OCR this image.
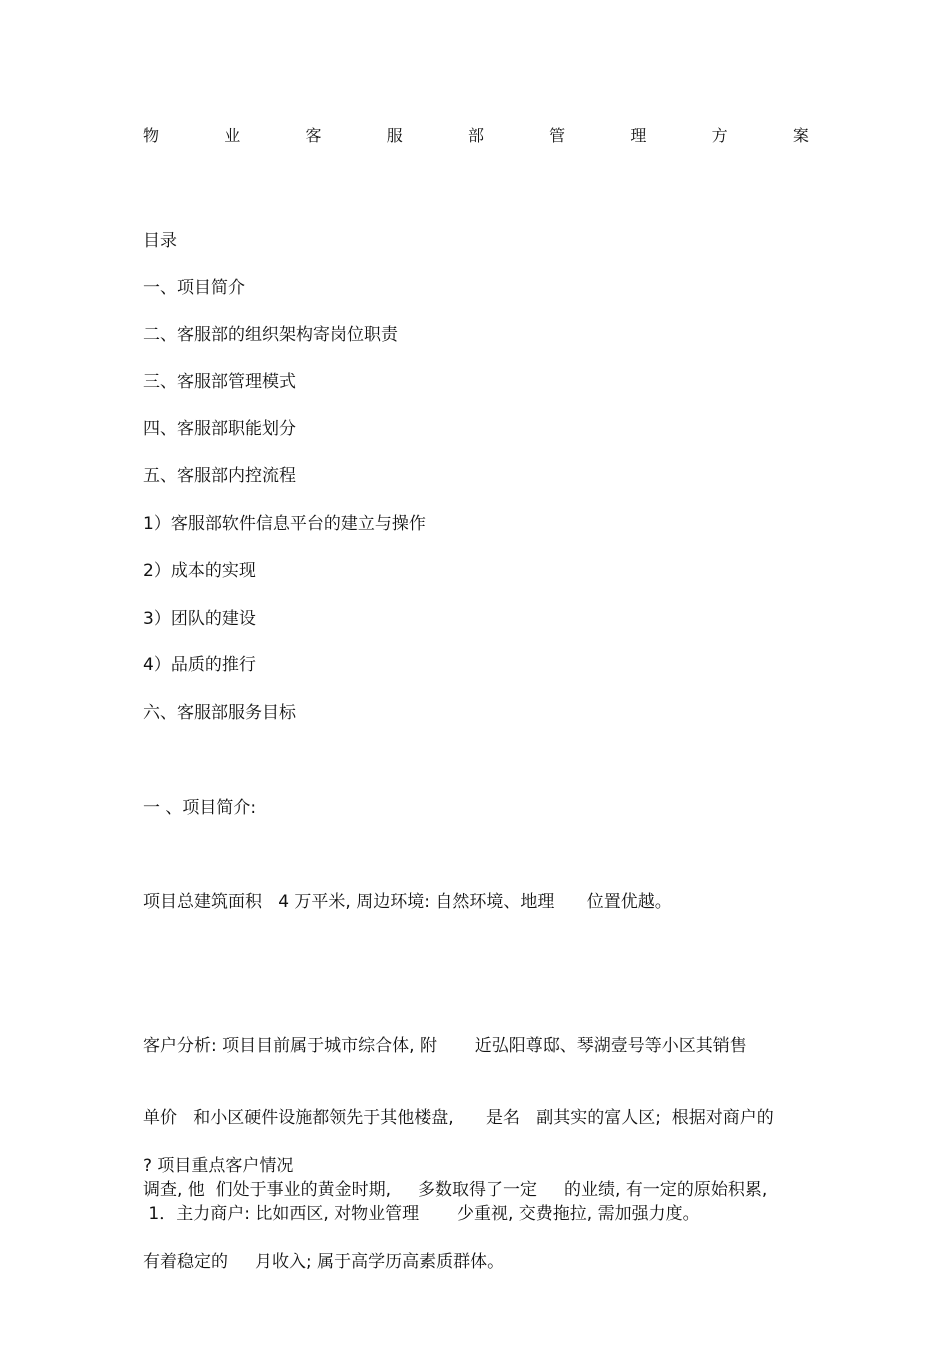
物	业	客	服	部	管	理	方	案
目录
一、项目简介
二、客服部的组织架构寄岗位职责
三、客服部管理模式
四、客服部职能划分
五、客服部内控流程
1）客服部软件信息平台的建立与操作
2）成本的实现
3）团队的建设
4）品质的推行
六、客服部服务目标
一 、项目简介:
项目总建筑面积   4 万平米, 周边环境: 自然环境、地理      位置优越。

客户分析: 项目目前属于城市综合体, 附       近弘阳尊邸、琴湖壹号等小区其销售

单价   和小区硬件设施都领先于其他楼盘,      是名   副其实的富人区;  根据对商户的

调查, 他  们处于事业的黄金时期,     多数取得了一定     的业绩, 有一定的原始积累,

有着稳定的     月收入; 属于高学历高素质群体。

? 项目重点客户情况
1．主力商户: 比如西区, 对物业管理       少重视, 交费拖拉, 需加强力度。
